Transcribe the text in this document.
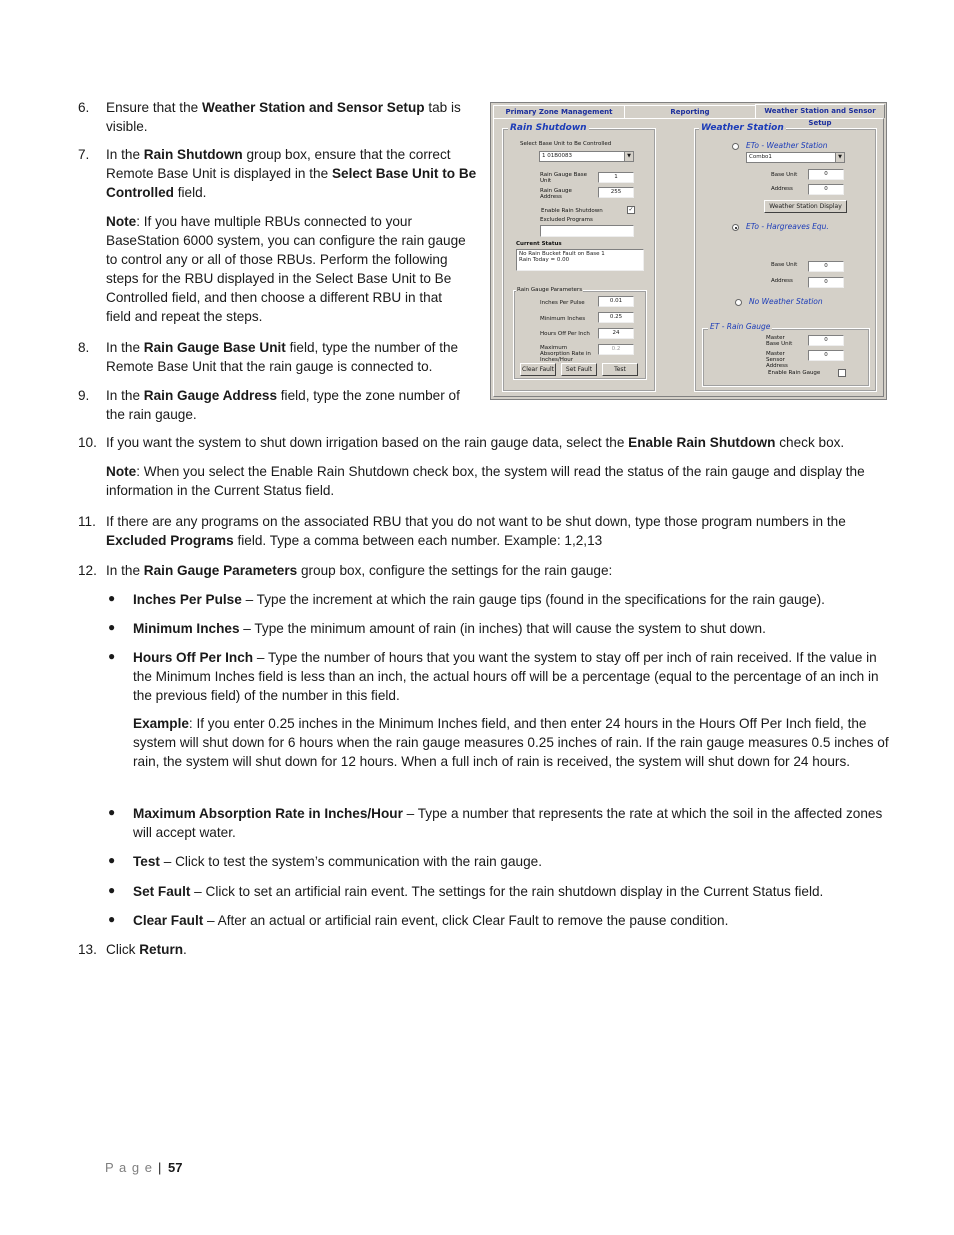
6. Ensure that the Weather Station and Sensor Setup tab is visible.
7. In the Rain Shutdown group box, ensure that the correct Remote Base Unit is displayed in the Select Base Unit to Be Controlled field.
Note: If you have multiple RBUs connected to your BaseStation 6000 system, you can configure the rain gauge to control any or all of those RBUs. Perform the following steps for the RBU displayed in the Select Base Unit to Be Controlled field, and then choose a different RBU in that field and repeat the steps.
8. In the Rain Gauge Base Unit field, type the number of the Remote Base Unit that the rain gauge is connected to.
9. In the Rain Gauge Address field, type the zone number of the rain gauge.
10. If you want the system to shut down irrigation based on the rain gauge data, select the Enable Rain Shutdown check box.
Note: When you select the Enable Rain Shutdown check box, the system will read the status of the rain gauge and display the information in the Current Status field.
11. If there are any programs on the associated RBU that you do not want to be shut down, type those program numbers in the Excluded Programs field. Type a comma between each number. Example: 1,2,13
12. In the Rain Gauge Parameters group box, configure the settings for the rain gauge:
● Inches Per Pulse – Type the increment at which the rain gauge tips (found in the specifications for the rain gauge).
● Minimum Inches – Type the minimum amount of rain (in inches) that will cause the system to shut down.
● Hours Off Per Inch – Type the number of hours that you want the system to stay off per inch of rain received. If the value in the Minimum Inches field is less than an inch, the actual hours off will be a percentage (equal to the percentage of an inch in the previous field) of the number in this field.
Example: If you enter 0.25 inches in the Minimum Inches field, and then enter 24 hours in the Hours Off Per Inch field, the system will shut down for 6 hours when the rain gauge measures 0.25 inches of rain. If the rain gauge measures 0.5 inches of rain, the system will shut down for 12 hours. When a full inch of rain is received, the system will shut down for 24 hours.
● Maximum Absorption Rate in Inches/Hour – Type a number that represents the rate at which the soil in the affected zones will accept water.
● Test – Click to test the system’s communication with the rain gauge.
● Set Fault – Click to set an artificial rain event. The settings for the rain shutdown display in the Current Status field.
● Clear Fault – After an actual or artificial rain event, click Clear Fault to remove the pause condition.
13. Click Return.
P a g e | 57
Primary Zone Management	Reporting	Weather Station and Sensor Setup
Rain Shutdown
Select Base Unit to Be Controlled
1 01B0083	▼
Rain Gauge Base Unit
1
Rain Gauge Address
255
Enable Rain Shutdown	✓
Excluded Programs
Current Status
No Rain Bucket Fault on Base 1
Rain Today = 0.00
Rain Gauge Parameters
Inches Per Pulse	0.01
Minimum Inches	0.25
Hours Off Per Inch	24
Maximum Absorption Rate in Inches/Hour
0.2
Clear Fault	Set Fault	Test
Weather Station
ETo - Weather Station
Combo1	▼
Base Unit	0
Address	0
Weather Station Display
ETo - Hargreaves Equ.
Base Unit	0
Address	0
No Weather Station
ET - Rain Gauge
Master Base Unit
0
Master Sensor Address
0
Enable Rain Gauge
